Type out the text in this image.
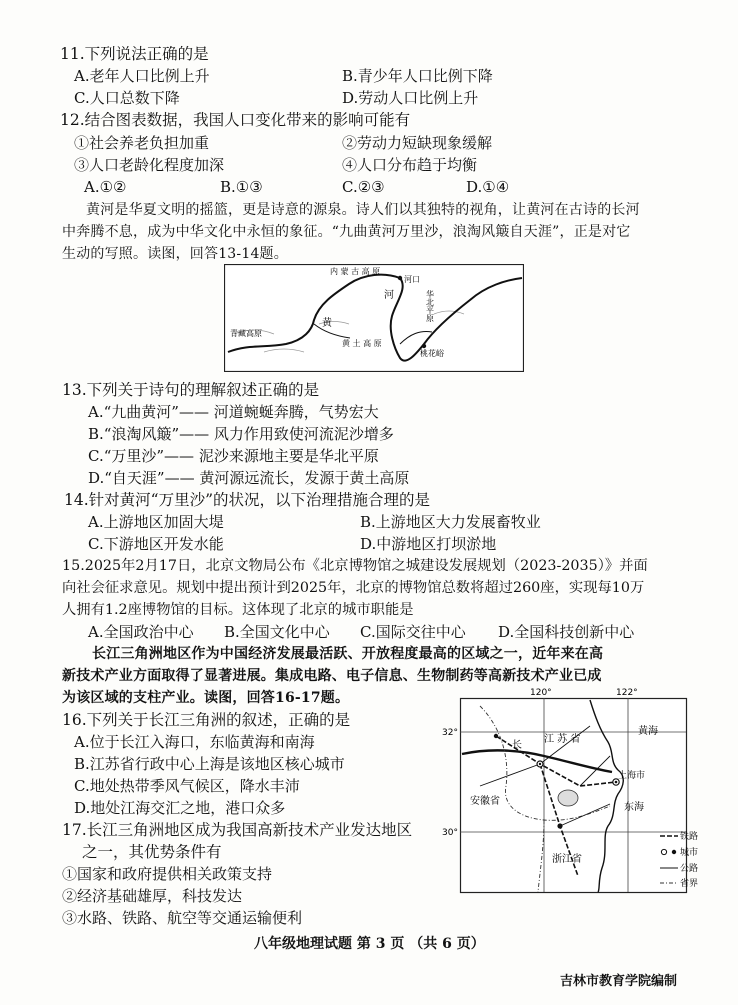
11.下列说法正确的是
A.老年人口比例上升	B.青少年人口比例下降
C.人口总数下降	D.劳动人口比例上升
12.结合图表数据，我国人口变化带来的影响可能有
①社会养老负担加重	②劳动力短缺现象缓解
③人口老龄化程度加深	④人口分布趋于均衡
A.①②	B.①③	C.②③	D.①④
黄河是华夏文明的摇篮，更是诗意的源泉。诗人们以其独特的视角，让黄河在古诗的长河
中奔腾不息，成为中华文化中永恒的象征。“九曲黄河万里沙，浪淘风簸自天涯”，正是对它
生动的写照。读图，回答13-14题。
内 蒙 古 高 原
河口
河
黄
青藏高原
黄 土 高 原
桃花峪
华北平原
13.下列关于诗句的理解叙述正确的是
A.“九曲黄河”—— 河道蜿蜒奔腾，气势宏大
B.“浪淘风簸”—— 风力作用致使河流泥沙增多
C.“万里沙”—— 泥沙来源地主要是华北平原
D.“自天涯”—— 黄河源远流长，发源于黄土高原
14.针对黄河“万里沙”的状况，以下治理措施合理的是
A.上游地区加固大堤	B.上游地区大力发展畜牧业
C.下游地区开发水能	D.中游地区打坝淤地
15.2025年2月17日，北京文物局公布《北京博物馆之城建设发展规划（2023-2035）》并面
向社会征求意见。规划中提出预计到2025年，北京的博物馆总数将超过260座，实现每10万
人拥有1.2座博物馆的目标。这体现了北京的城市职能是
A.全国政治中心 B.全国文化中心 C.国际交往中心 D.全国科技创新中心
长江三角洲地区作为中国经济发展最活跃、开放程度最高的区域之一，近年来在高
新技术产业方面取得了显著进展。集成电路、电子信息、生物制药等高新技术产业已成
为该区域的支柱产业。读图，回答16-17题。
16.下列关于长江三角洲的叙述，正确的是
A.位于长江入海口，东临黄海和南海
B.江苏省行政中心上海是该地区核心城市
C.地处热带季风气候区，降水丰沛
D.地处江海交汇之地，港口众多
17.长江三角洲地区成为我国高新技术产业发达地区
之一，其优势条件有
①国家和政府提供相关政策支持
②经济基础雄厚，科技发达
③水路、铁路、航空等交通运输便利
120°	122°
32°
30°
江 苏 省
黄海
安徽省
上海市
东海
浙江省
长
铁路
城市
公路
省界
八年级地理试题 第 3 页 （共 6 页）
吉林市教育学院编制
